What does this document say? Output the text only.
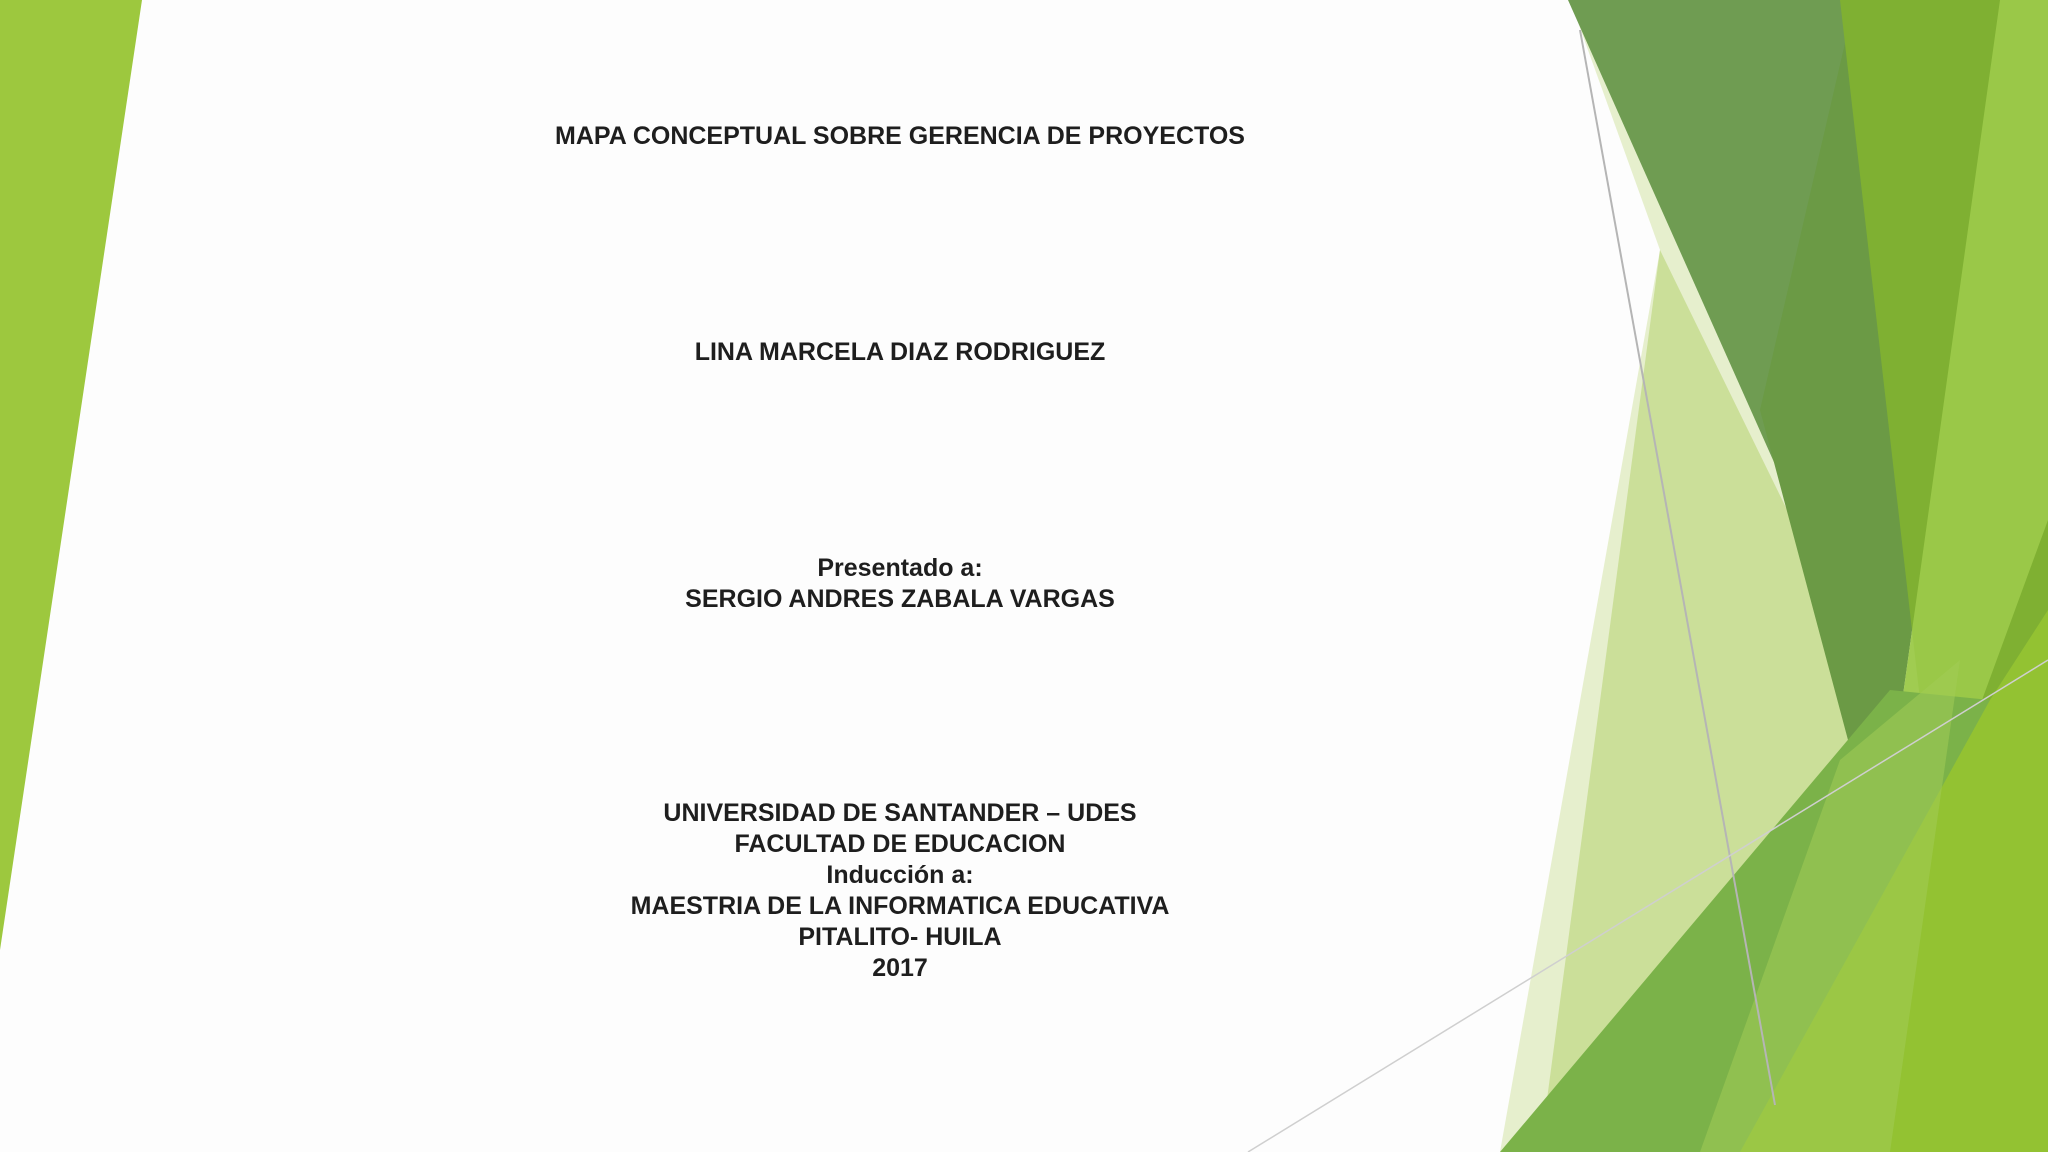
MAPA CONCEPTUAL SOBRE GERENCIA DE PROYECTOS
LINA MARCELA DIAZ RODRIGUEZ
Presentado a:
SERGIO ANDRES ZABALA VARGAS
UNIVERSIDAD DE SANTANDER – UDES
FACULTAD DE EDUCACION
Inducción a:
MAESTRIA DE LA INFORMATICA EDUCATIVA
PITALITO- HUILA
2017
